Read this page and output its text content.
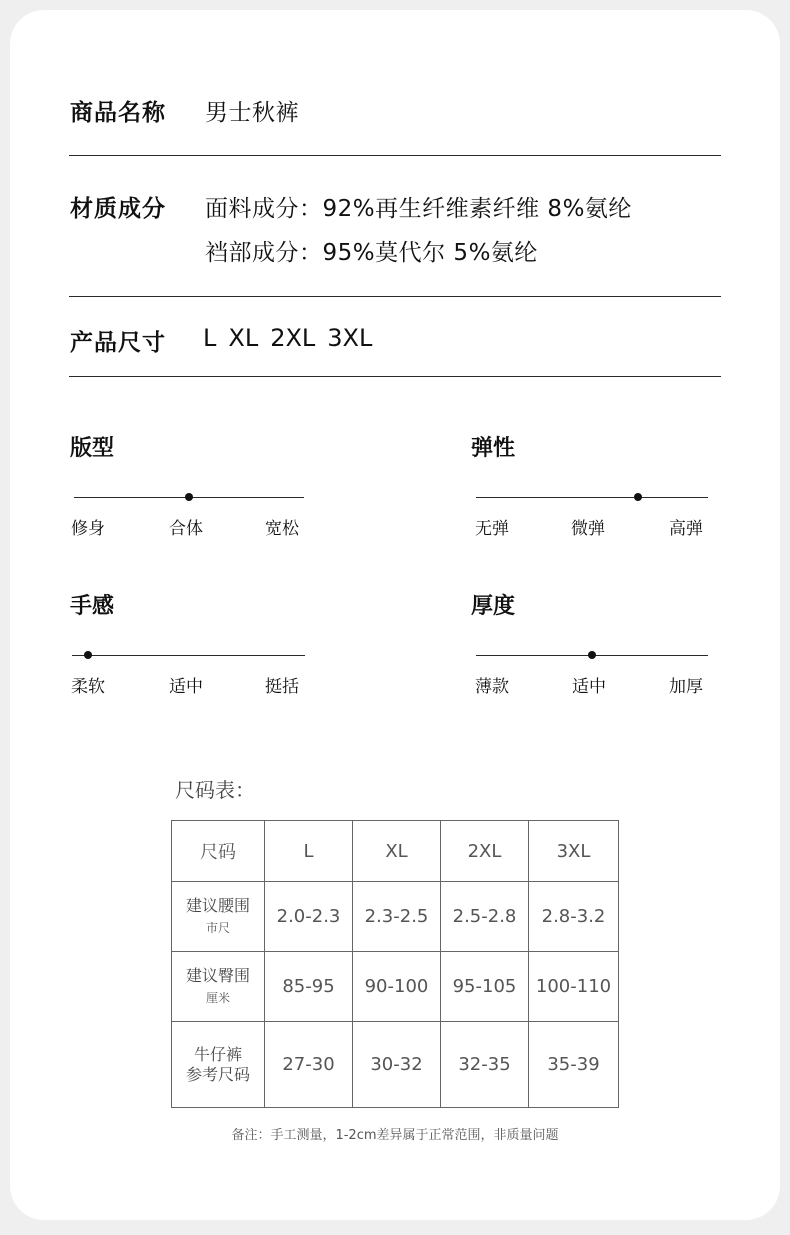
商品名称 男士秋裤
材质成分 面料成分：92%再生纤维素纤维 8%氨纶
裆部成分：95%莫代尔 5%氨纶
产品尺寸 L XL 2XL 3XL
版型
修身	合体	宽松
弹性
无弹	微弹	高弹
手感
柔软	适中	挺括
厚度
薄款	适中	加厚
尺码表：
尺码	L	XL	2XL	3XL
建议腰围
市尺	2.0-2.3	2.3-2.5	2.5-2.8	2.8-3.2
建议臀围
厘米	85-95	90-100	95-105	100-110

牛仔裤
参考尺码	27-30	30-32	32-35	35-39
备注：手工测量，1-2cm差异属于正常范围，非质量问题
